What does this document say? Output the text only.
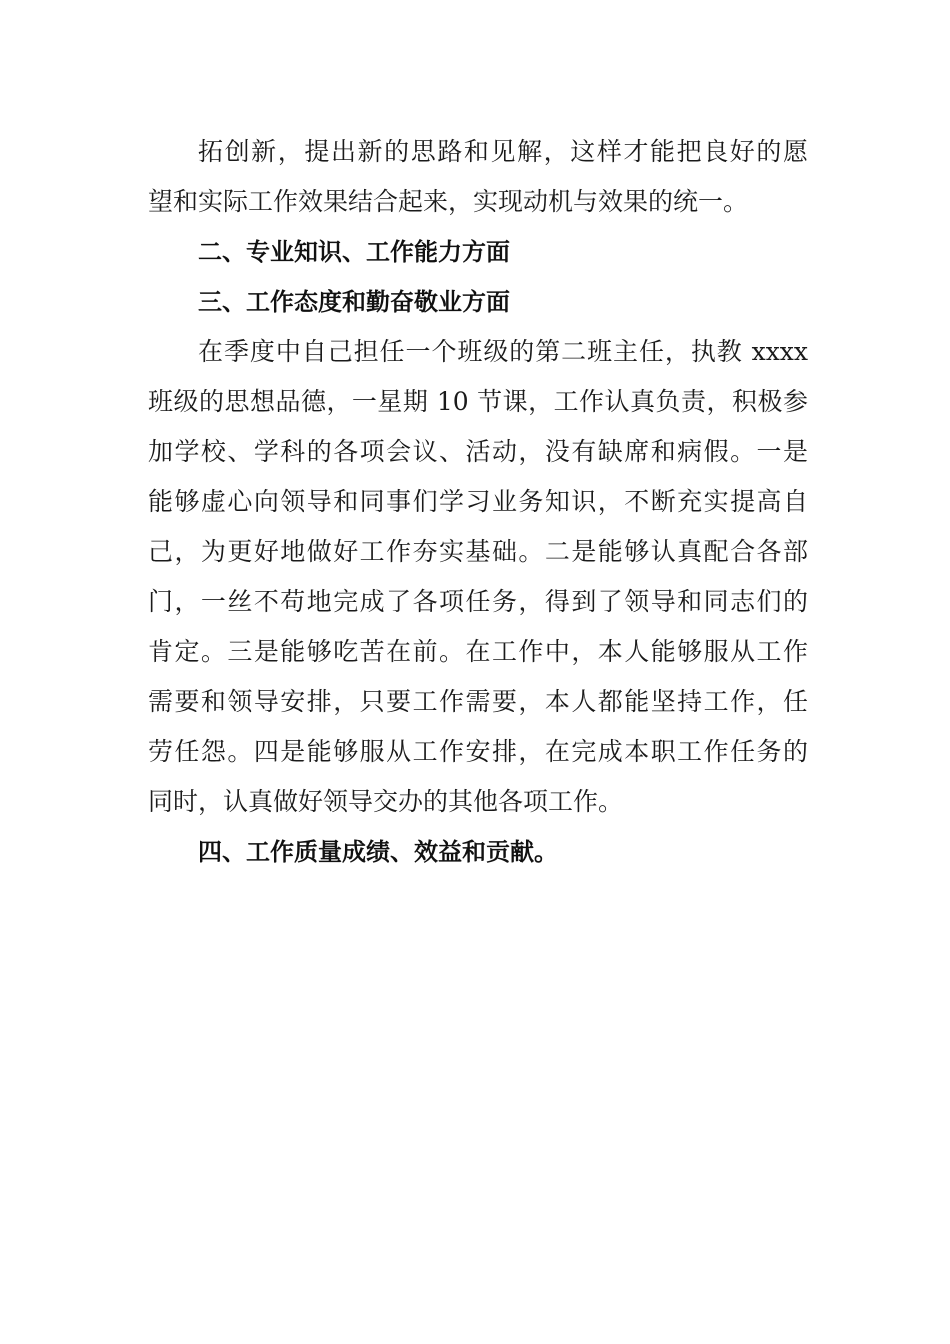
拓创新，提出新的思路和见解，这样才能把良好的愿
望和实际工作效果结合起来，实现动机与效果的统一。
二、专业知识、工作能力方面
三、工作态度和勤奋敬业方面
在季度中自己担任一个班级的第二班主任，执教 xxxx
班级的思想品德，一星期 10 节课，工作认真负责，积极参
加学校、学科的各项会议、活动，没有缺席和病假。一是
能够虚心向领导和同事们学习业务知识，不断充实提高自
己，为更好地做好工作夯实基础。二是能够认真配合各部
门，一丝不苟地完成了各项任务，得到了领导和同志们的
肯定。三是能够吃苦在前。在工作中，本人能够服从工作
需要和领导安排，只要工作需要，本人都能坚持工作，任
劳任怨。四是能够服从工作安排，在完成本职工作任务的
同时，认真做好领导交办的其他各项工作。
四、工作质量成绩、效益和贡献。
